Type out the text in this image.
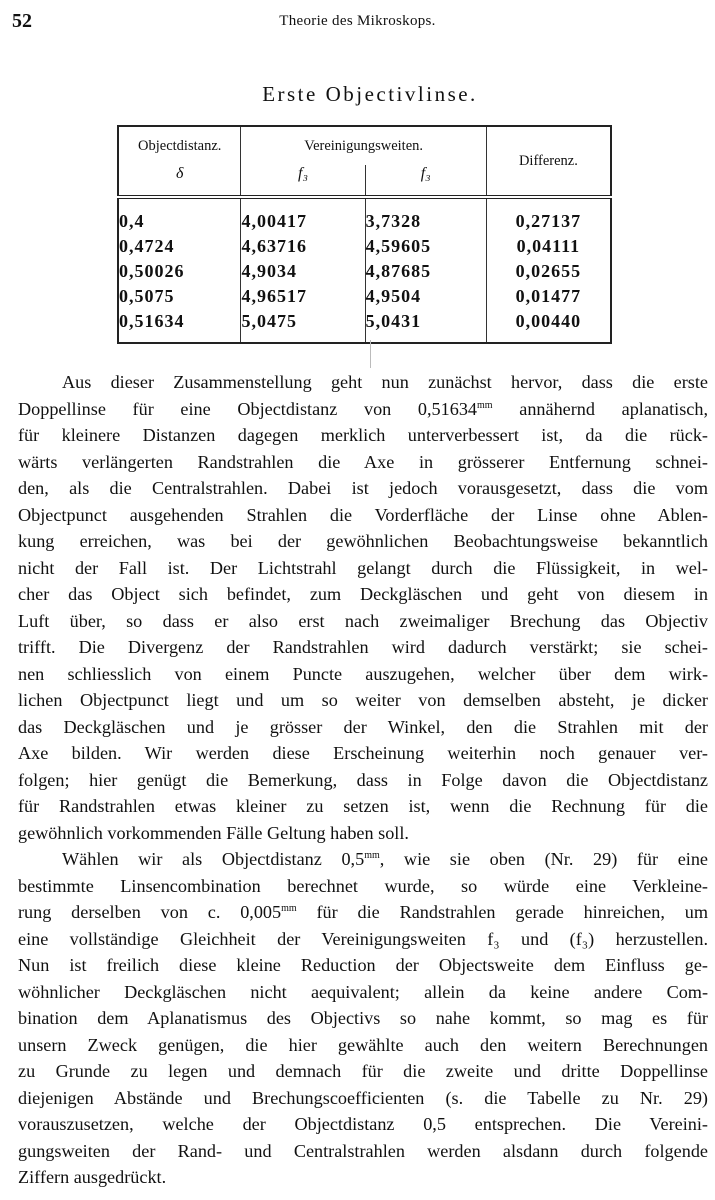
52	Theorie des Mikroskops.
Erste Objectivlinse.
Objectdistanz.	Vereinigungsweiten.		Differenz.
δ	f₃	f₃	

0,4	4,00417	3,7328	0,27137
0,4724	4,63716	4,59605	0,04111
0,50026	4,9034	4,87685	0,02655
0,5075	4,96517	4,9504	0,01477
0,51634	5,0475	5,0431	0,00440
Aus dieser Zusammenstellung geht nun zunächst hervor, dass die erste
Doppellinse für eine Objectdistanz von $0,51634^{mm}$ annähernd aplanatisch,
für kleinere Distanzen dagegen merklich unterverbessert ist, da die rück-
wärts verlängerten Randstrahlen die Axe in grösserer Entfernung schnei-
den, als die Centralstrahlen. Dabei ist jedoch vorausgesetzt, dass die vom
Objectpunct ausgehenden Strahlen die Vorderfläche der Linse ohne Ablen-
kung erreichen, was bei der gewöhnlichen Beobachtungsweise bekanntlich
nicht der Fall ist. Der Lichtstrahl gelangt durch die Flüssigkeit, in wel-
cher das Object sich befindet, zum Deckgläschen und geht von diesem in
Luft über, so dass er also erst nach zweimaliger Brechung das Objectiv
trifft. Die Divergenz der Randstrahlen wird dadurch verstärkt; sie schei-
nen schliesslich von einem Puncte auszugehen, welcher über dem wirk-
lichen Objectpunct liegt und um so weiter von demselben absteht, je dicker
das Deckgläschen und je grösser der Winkel, den die Strahlen mit der
Axe bilden. Wir werden diese Erscheinung weiterhin noch genauer ver-
folgen; hier genügt die Bemerkung, dass in Folge davon die Objectdistanz
für Randstrahlen etwas kleiner zu setzen ist, wenn die Rechnung für die
gewöhnlich vorkommenden Fälle Geltung haben soll.
Wählen wir als Objectdistanz $0,5^{mm}$, wie sie oben (Nr. 29) für eine
bestimmte Linsencombination berechnet wurde, so würde eine Verkleine-
rung derselben von c. $0,005^{mm}$ für die Randstrahlen gerade hinreichen, um
eine vollständige Gleichheit der Vereinigungsweiten f₃ und (f₃) herzustellen.
Nun ist freilich diese kleine Reduction der Objectsweite dem Einfluss ge-
wöhnlicher Deckgläschen nicht aequivalent; allein da keine andere Com-
bination dem Aplanatismus des Objectivs so nahe kommt, so mag es für
unsern Zweck genügen, die hier gewählte auch den weitern Berechnungen
zu Grunde zu legen und demnach für die zweite und dritte Doppellinse
diejenigen Abstände und Brechungscoefficienten (s. die Tabelle zu Nr. 29)
vorauszusetzen, welche der Objectdistanz 0,5 entsprechen. Die Vereini-
gungsweiten der Rand- und Centralstrahlen werden alsdann durch folgende
Ziffern ausgedrückt.
